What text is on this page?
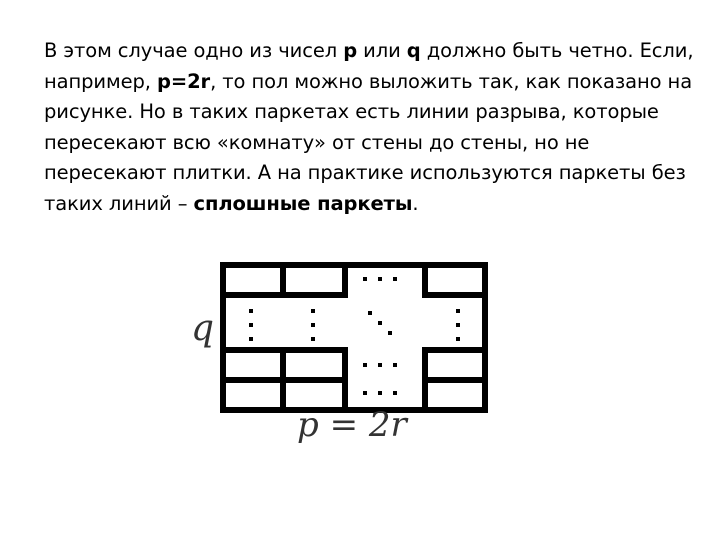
В этом случае одно из чисел p или q должно быть четно. Если, например, p=2r, то пол можно выложить так, как показано на рисунке. Но в таких паркетах есть линии разрыва, которые пересекают всю «комнату» от стены до стены, но не пересекают плитки. А на практике используются паркеты без таких линий – сплошные паркеты.

q
p = 2r
